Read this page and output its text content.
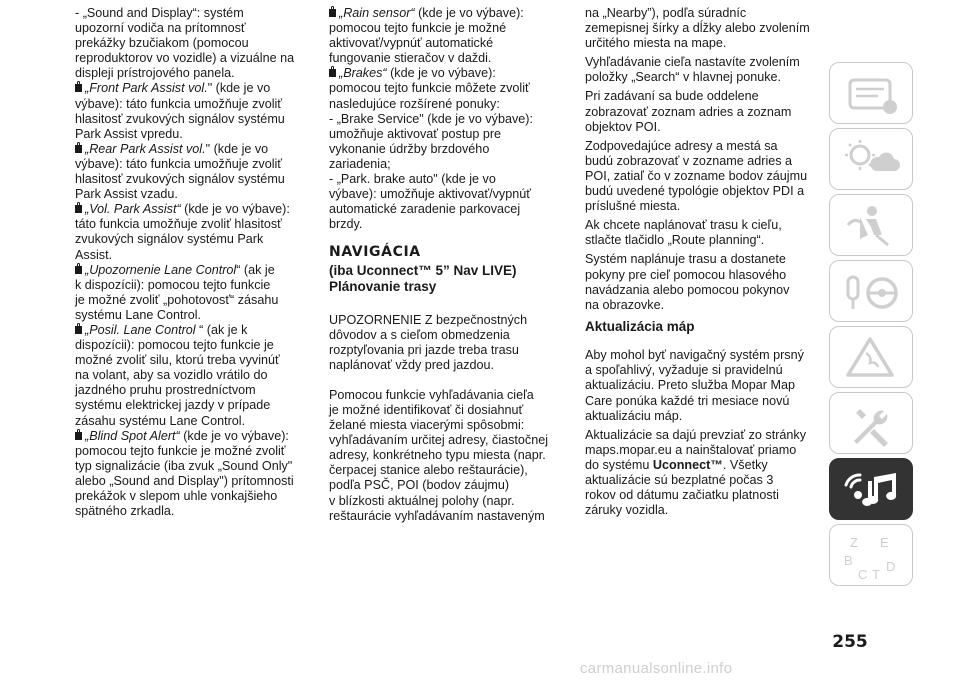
- „Sound and Display“: systém

upozorní vodiča na prítomnosť

prekážky bzučiakom (pomocou

reproduktorov vo vozidle) a vizuálne na

displeji prístrojového panela.

„Front Park Assist vol." (kde je vo

výbave): táto funkcia umožňuje zvoliť

hlasitosť zvukových signálov systému

Park Assist vpredu.

„Rear Park Assist vol." (kde je vo

výbave): táto funkcia umožňuje zvoliť

hlasitosť zvukových signálov systému

Park Assist vzadu.

„Vol. Park Assist“ (kde je vo výbave):

táto funkcia umožňuje zvoliť hlasitosť

zvukových signálov systému Park

Assist.

„Upozornenie Lane Control“ (ak je

k dispozícii): pomocou tejto funkcie

je možné zvoliť „pohotovosť“ zásahu

systému Lane Control.

„Posil. Lane Control “ (ak je k

dispozícii): pomocou tejto funkcie je

možné zvoliť silu, ktorú treba vyvinúť

na volant, aby sa vozidlo vrátilo do

jazdného pruhu prostredníctvom

systému elektrickej jazdy v prípade

zásahu systému Lane Control.

„Blind Spot Alert“ (kde je vo výbave):

pomocou tejto funkcie je možné zvoliť

typ signalizácie (iba zvuk „Sound Only"

alebo „Sound and Display") prítomnosti

prekážok v slepom uhle vonkajšieho

spätného zrkadla.

„Rain sensor“ (kde je vo výbave):

pomocou tejto funkcie je možné

aktivovať/vypnúť automatické

fungovanie stieračov v daždi.

„Brakes“ (kde je vo výbave):

pomocou tejto funkcie môžete zvoliť

nasledujúce rozšírené ponuky:

- „Brake Service" (kde je vo výbave):

umožňuje aktivovať postup pre

vykonanie údržby brzdového

zariadenia;

- „Park. brake auto" (kde je vo

výbave): umožňuje aktivovať/vypnúť

automatické zaradenie parkovacej

brzdy.

NAVIGÁCIA

(iba Uconnect™ 5” Nav LIVE)

Plánovanie trasy

UPOZORNENIE Z bezpečnostných

dôvodov a s cieľom obmedzenia

rozptyľovania pri jazde treba trasu

naplánovať vždy pred jazdou.

Pomocou funkcie vyhľadávania cieľa

je možné identifikovať či dosiahnuť

želané miesta viacerými spôsobmi:

vyhľadávaním určitej adresy, čiastočnej

adresy, konkrétneho typu miesta (napr.

čerpacej stanice alebo reštaurácie),

podľa PSČ, POI (bodov záujmu)

v blízkosti aktuálnej polohy (napr.

reštaurácie vyhľadávaním nastaveným

na „Nearby”), podľa súradníc

zemepisnej šírky a dĺžky alebo zvolením

určitého miesta na mape.

Vyhľadávanie cieľa nastavíte zvolením

položky „Search“ v hlavnej ponuke.

Pri zadávaní sa bude oddelene

zobrazovať zoznam adries a zoznam

objektov POI.

Zodpovedajúce adresy a mestá sa

budú zobrazovať v zozname adries a

POI, zatiaľ čo v zozname bodov záujmu

budú uvedené typológie objektov PDI a

príslušné miesta.

Ak chcete naplánovať trasu k cieľu,

stlačte tlačidlo „Route planning“.

Systém naplánuje trasu a dostanete

pokyny pre cieľ pomocou hlasového

navádzania alebo pomocou pokynov

na obrazovke.

Aktualizácia máp

Aby mohol byť navigačný systém prsný

a spoľahlivý, vyžaduje si pravidelnú

aktualizáciu. Preto služba Mopar Map

Care ponúka každé tri mesiace novú

aktualizáciu máp.

Aktualizácie sa dajú prevziať zo stránky

maps.mopar.eu a nainštalovať priamo

do systému Uconnect™. Všetky

aktualizácie sú bezplatné počas 3

rokov od dátumu začiatku platnosti

záruky vozidla.

Z E
B
C T
D
255
carmanualsonline.info
